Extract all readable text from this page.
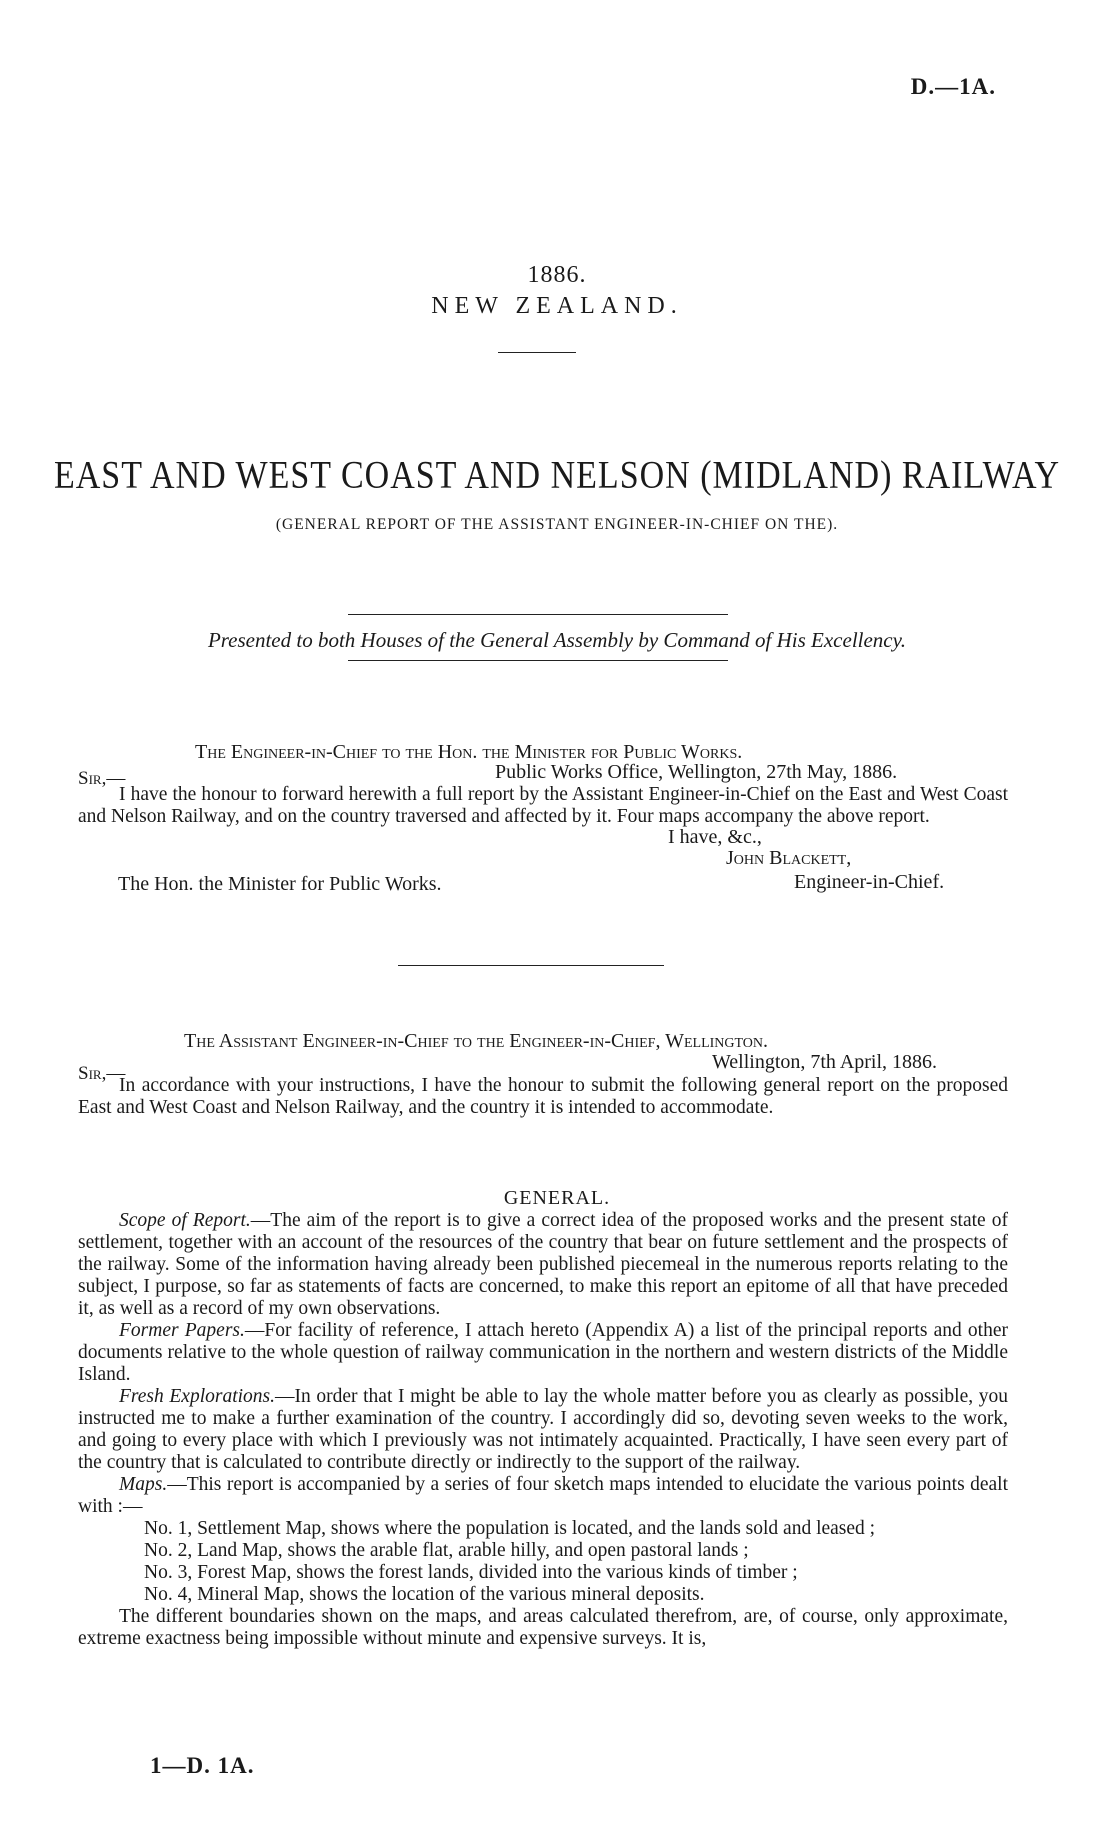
D.—1A.
1886.
NEW ZEALAND.
EAST AND WEST COAST AND NELSON (MIDLAND) RAILWAY
(GENERAL REPORT OF THE ASSISTANT ENGINEER-IN-CHIEF ON THE).
Presented to both Houses of the General Assembly by Command of His Excellency.
The Engineer-in-Chief to the Hon. the Minister for Public Works.
Sir,—	Public Works Office, Wellington, 27th May, 1886.

I have the honour to forward herewith a full report by the Assistant Engineer-in-Chief on the East and West Coast and Nelson Railway, and on the country traversed and affected by it. Four maps accompany the above report.

I have, &c.,
John Blackett,
The Hon. the Minister for Public Works.	Engineer-in-Chief.
The Assistant Engineer-in-Chief to the Engineer-in-Chief, Wellington.
Sir,—
Wellington, 7th April, 1886.

In accordance with your instructions, I have the honour to submit the following general report on the proposed East and West Coast and Nelson Railway, and the country it is intended to accommodate.

GENERAL.

Scope of Report.—The aim of the report is to give a correct idea of the proposed works and the present state of settlement, together with an account of the resources of the country that bear on future settlement and the prospects of the railway. Some of the information having already been published piecemeal in the numerous reports relating to the subject, I purpose, so far as statements of facts are concerned, to make this report an epitome of all that have preceded it, as well as a record of my own observations.

Former Papers.—For facility of reference, I attach hereto (Appendix A) a list of the principal reports and other documents relative to the whole question of railway communication in the northern and western districts of the Middle Island.

Fresh Explorations.—In order that I might be able to lay the whole matter before you as clearly as possible, you instructed me to make a further examination of the country. I accordingly did so, devoting seven weeks to the work, and going to every place with which I previously was not intimately acquainted. Practically, I have seen every part of the country that is calculated to contribute directly or indirectly to the support of the railway.

Maps.—This report is accompanied by a series of four sketch maps intended to elucidate the various points dealt with :—

No. 1, Settlement Map, shows where the population is located, and the lands sold and leased ;

No. 2, Land Map, shows the arable flat, arable hilly, and open pastoral lands ;

No. 3, Forest Map, shows the forest lands, divided into the various kinds of timber ;

No. 4, Mineral Map, shows the location of the various mineral deposits.

The different boundaries shown on the maps, and areas calculated therefrom, are, of course, only approximate, extreme exactness being impossible without minute and expensive surveys. It is,

1—D. 1A.
